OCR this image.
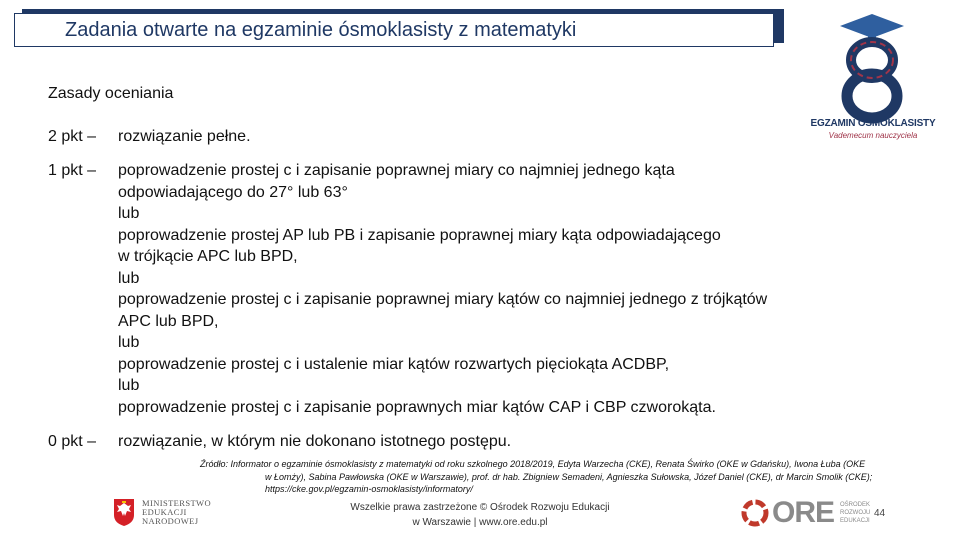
Zadania otwarte na egzaminie ósmoklasisty z matematyki
EGZAMIN ÓSMOKLASISTY
Vademecum nauczyciela
Zasady oceniania
2 pkt – rozwiązanie pełne.
1 pkt – poprowadzenie prostej c i zapisanie poprawnej miary co najmniej jednego kąta
odpowiadającego do 27° lub 63°
lub
poprowadzenie prostej AP lub PB i zapisanie poprawnej miary kąta odpowiadającego
w trójkącie APC lub BPD,
lub
poprowadzenie prostej c i zapisanie poprawnej miary kątów co najmniej jednego z trójkątów
APC lub BPD,
lub
poprowadzenie prostej c i ustalenie miar kątów rozwartych pięciokąta ACDBP,
lub
poprowadzenie prostej c i zapisanie poprawnych miar kątów CAP i CBP czworokąta.
0 pkt – rozwiązanie, w którym nie dokonano istotnego postępu.
Źródło: Informator o egzaminie ósmoklasisty z matematyki od roku szkolnego 2018/2019, Edyta Warzecha (CKE), Renata Świrko (OKE w Gdańsku), Iwona Łuba (OKE
w Łomży), Sabina Pawłowska (OKE w Warszawie), prof. dr hab. Zbigniew Semadeni, Agnieszka Sułowska, Józef Daniel (CKE), dr Marcin Smolik (CKE);
https://cke.gov.pl/egzamin-osmoklasisty/informatory/
MINISTERSTWO
EDUKACJI
NARODOWEJ
Wszelkie prawa zastrzeżone © Ośrodek Rozwoju Edukacji
w Warszawie | www.ore.edu.pl	ORE OŚRODEK
ROZWOJU
EDUKACJI
44
